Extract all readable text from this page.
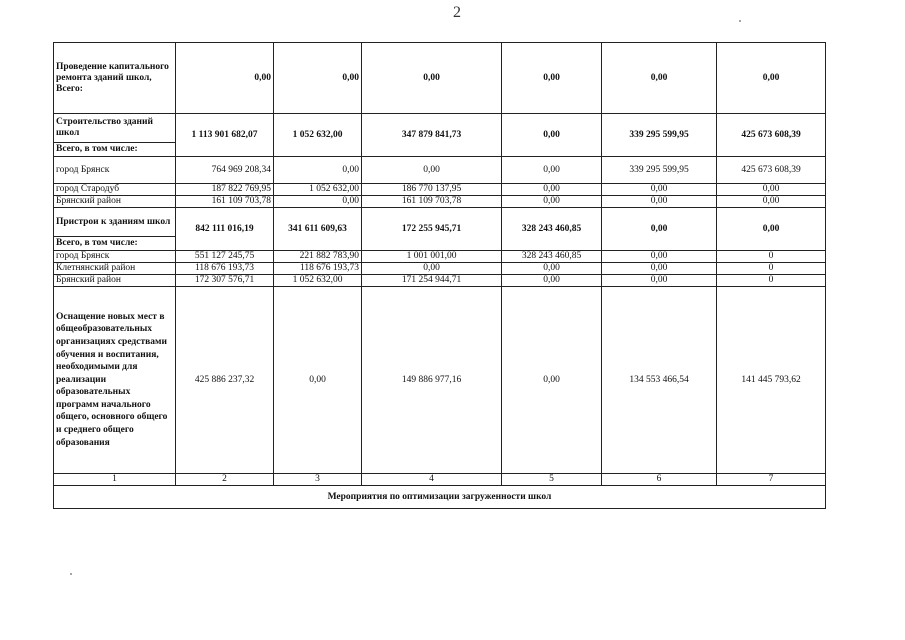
2
Проведение капитального ремонта зданий школ, Всего:	0,00	0,00	0,00	0,00	0,00	0,00
Строительство зданий школ	1 113 901 682,07	1 052 632,00	347 879 841,73	0,00	339 295 599,95	425 673 608,39
Всего, в том числе:						
город Брянск	764 969 208,34	0,00	0,00	0,00	339 295 599,95	425 673 608,39
город Стародуб	187 822 769,95	1 052 632,00	186 770 137,95	0,00	0,00	0,00
Брянский район	161 109 703,78	0,00	161 109 703,78	0,00	0,00	0,00
Пристрои к зданиям школ	842 111 016,19	341 611 609,63	172 255 945,71	328 243 460,85	0,00	0,00
Всего, в том числе:						
город Брянск	551 127 245,75	221 882 783,90	1 001 001,00	328 243 460,85	0,00	0
Клетнянский район	118 676 193,73	118 676 193,73	0,00	0,00	0,00	0
Брянский район	172 307 576,71	1 052 632,00	171 254 944,71	0,00	0,00	0
Оснащение новых мест в общеобразовательных организациях средствами обучения и воспитания, необходимыми для реализации образовательных программ начального общего, основного общего и среднего общего образования	425 886 237,32	0,00	149 886 977,16	0,00	134 553 466,54	141 445 793,62
1	2	3	4	5	6	7
Мероприятия по оптимизации загруженности школ						
